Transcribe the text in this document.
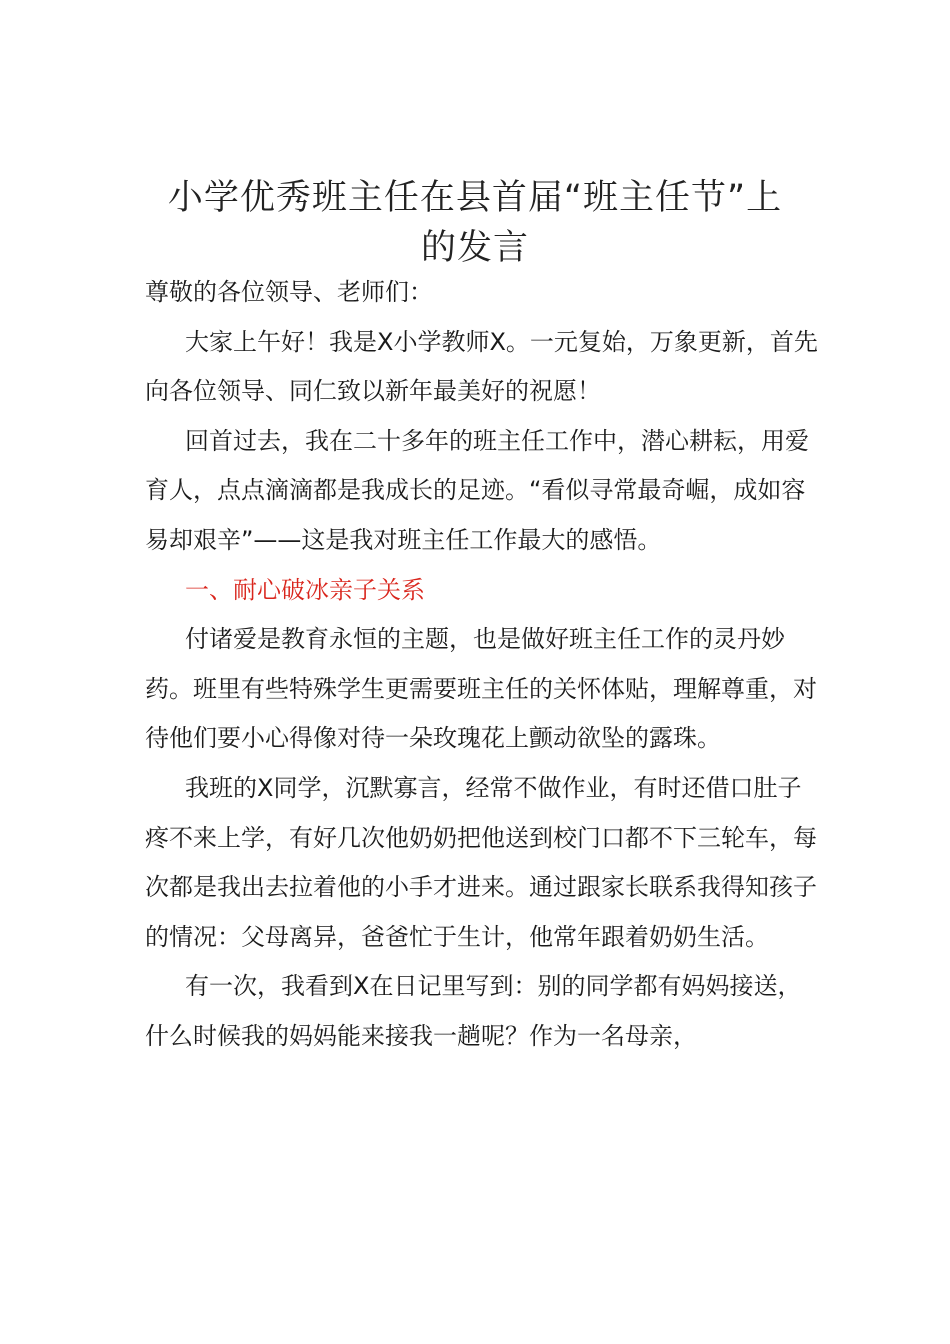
小学优秀班主任在县首届“班主任节”上的发言

尊敬的各位领导、老师们：

大家上午好！我是X小学教师X。一元复始，万象更新，首先向各位领导、同仁致以新年最美好的祝愿！

回首过去，我在二十多年的班主任工作中，潜心耕耘，用爱育人，点点滴滴都是我成长的足迹。“看似寻常最奇崛，成如容易却艰辛”——这是我对班主任工作最大的感悟。

一、耐心破冰亲子关系

付诸爱是教育永恒的主题，也是做好班主任工作的灵丹妙药。班里有些特殊学生更需要班主任的关怀体贴，理解尊重，对待他们要小心得像对待一朵玫瑰花上颤动欲坠的露珠。

我班的X同学，沉默寡言，经常不做作业，有时还借口肚子疼不来上学，有好几次他奶奶把他送到校门口都不下三轮车，每次都是我出去拉着他的小手才进来。通过跟家长联系我得知孩子的情况：父母离异，爸爸忙于生计，他常年跟着奶奶生活。

有一次，我看到X在日记里写到：别的同学都有妈妈接送，什么时候我的妈妈能来接我一趟呢？作为一名母亲，
